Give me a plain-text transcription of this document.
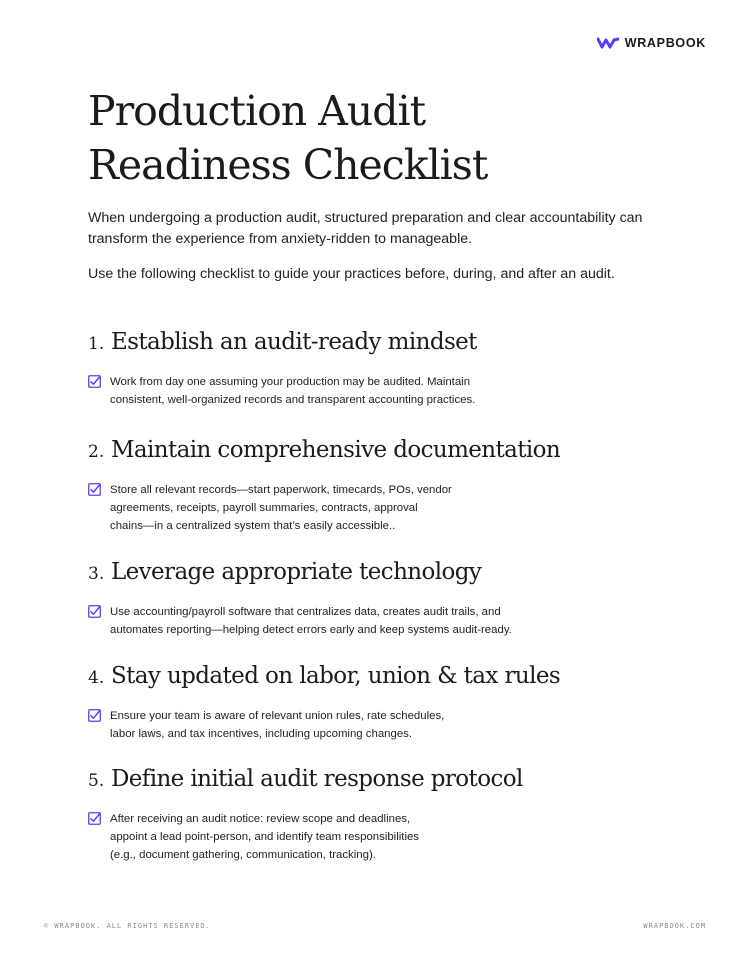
WRAPBOOK
Production Audit
Readiness Checklist

When undergoing a production audit, structured preparation and clear accountability can transform the experience from anxiety-ridden to manageable.

Use the following checklist to guide your practices before, during, and after an audit.

1. Establish an audit-ready mindset
Work from day one assuming your production may be audited. Maintain
consistent, well-organized records and transparent accounting practices.
2. Maintain comprehensive documentation
Store all relevant records—start paperwork, timecards, POs, vendor
agreements, receipts, payroll summaries, contracts, approval
chains—in a centralized system that’s easily accessible..
3. Leverage appropriate technology
Use accounting/payroll software that centralizes data, creates audit trails, and
automates reporting—helping detect errors early and keep systems audit-ready.
4. Stay updated on labor, union & tax rules
Ensure your team is aware of relevant union rules, rate schedules,
labor laws, and tax incentives, including upcoming changes.
5. Define initial audit response protocol
After receiving an audit notice: review scope and deadlines,
appoint a lead point-person, and identify team responsibilities
(e.g., document gathering, communication, tracking).
© WRAPBOOK. ALL RIGHTS RESERVED.	WRAPBOOK.COM
